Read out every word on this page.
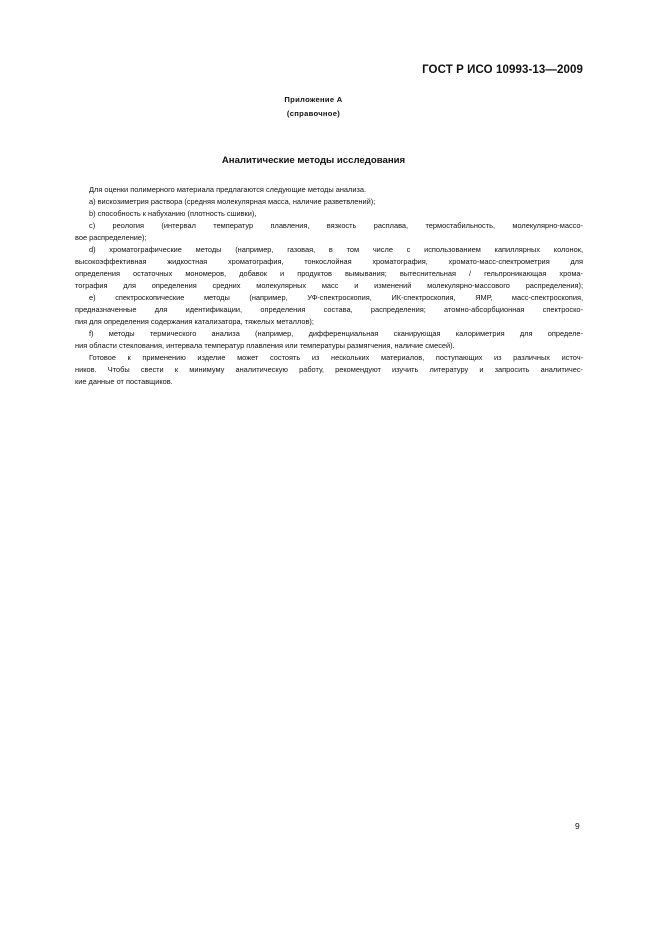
ГОСТ Р ИСО 10993-13—2009
Приложение А
(справочное)
Аналитические методы исследования
Для оценки полимерного материала предлагаются следующие методы анализа.
а) вискозиметрия раствора (средняя молекулярная масса, наличие разветвлений);
b) способность к набуханию (плотность сшивки),
с) реология (интервал температур плавления, вязкость расплава, термостабильность, молекулярно-массо-
вое распределение);
d) хроматографические методы (например, газовая, в том числе с использованием капиллярных колонок,
высокоэффективная жидкостная хроматография, тонкослойная хроматография, хромато-масс-спектрометрия для
определения остаточных мономеров, добавок и продуктов вымывания; вытеснительная / гельпроникающая хрома-
тография для определения средних молекулярных масс и изменений молекулярно-массового распределения);
е) спектроскопические методы (например, УФ-спектроскопия, ИК-спектроскопия, ЯМР, масс-спектроскопия,
предназначенные для идентификации, определения состава, распределения; атомно-абсорбционная спектроско-
пия для определения содержания катализатора, тяжелых металлов);
f) методы термического анализа (например, дифференциальная сканирующая калориметрия для определе-
ния области стеклования, интервала температур плавления или температуры размягчения, наличие смесей).
Готовое к применению изделие может состоять из нескольких материалов, поступающих из различных источ-
ников. Чтобы свести к минимуму аналитическую работу, рекомендуют изучить литературу и запросить аналитичес-
кие данные от поставщиков.
9
